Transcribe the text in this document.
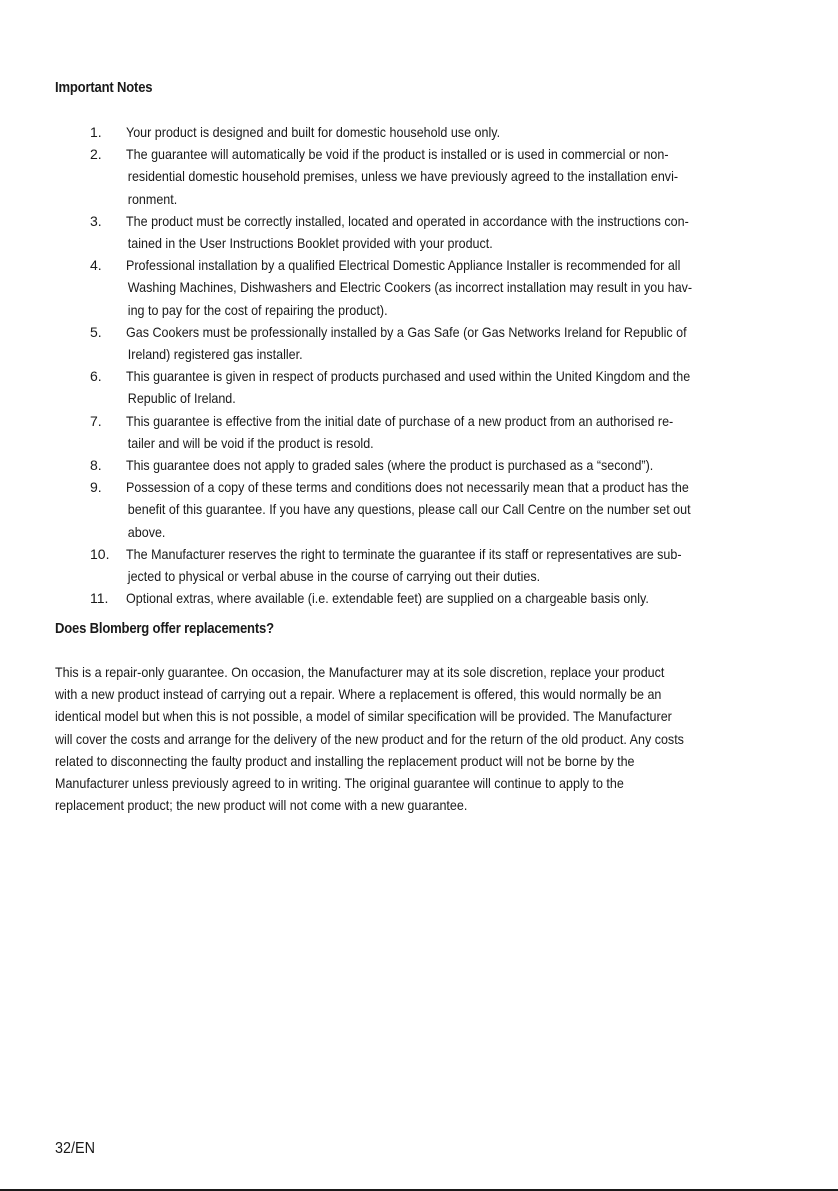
Important Notes
1. Your product is designed and built for domestic household use only.
2. The guarantee will automatically be void if the product is installed or is used in commercial or non-
residential domestic household premises, unless we have previously agreed to the installation envi-
ronment.
3. The product must be correctly installed, located and operated in accordance with the instructions con-
tained in the User Instructions Booklet provided with your product.
4. Professional installation by a qualified Electrical Domestic Appliance Installer is recommended for all
Washing Machines, Dishwashers and Electric Cookers (as incorrect installation may result in you hav-
ing to pay for the cost of repairing the product).
5. Gas Cookers must be professionally installed by a Gas Safe (or Gas Networks Ireland for Republic of
Ireland) registered gas installer.
6. This guarantee is given in respect of products purchased and used within the United Kingdom and the
Republic of Ireland.
7. This guarantee is effective from the initial date of purchase of a new product from an authorised re-
tailer and will be void if the product is resold.
8. This guarantee does not apply to graded sales (where the product is purchased as a “second”).
9. Possession of a copy of these terms and conditions does not necessarily mean that a product has the
benefit of this guarantee. If you have any questions, please call our Call Centre on the number set out
above.
10. The Manufacturer reserves the right to terminate the guarantee if its staff or representatives are sub-
jected to physical or verbal abuse in the course of carrying out their duties.
11. Optional extras, where available (i.e. extendable feet) are supplied on a chargeable basis only.
Does Blomberg offer replacements?
This is a repair-only guarantee. On occasion, the Manufacturer may at its sole discretion, replace your product
with a new product instead of carrying out a repair. Where a replacement is offered, this would normally be an
identical model but when this is not possible, a model of similar specification will be provided. The Manufacturer
will cover the costs and arrange for the delivery of the new product and for the return of the old product. Any costs
related to disconnecting the faulty product and installing the replacement product will not be borne by the
Manufacturer unless previously agreed to in writing. The original guarantee will continue to apply to the
replacement product; the new product will not come with a new guarantee.
32/EN
